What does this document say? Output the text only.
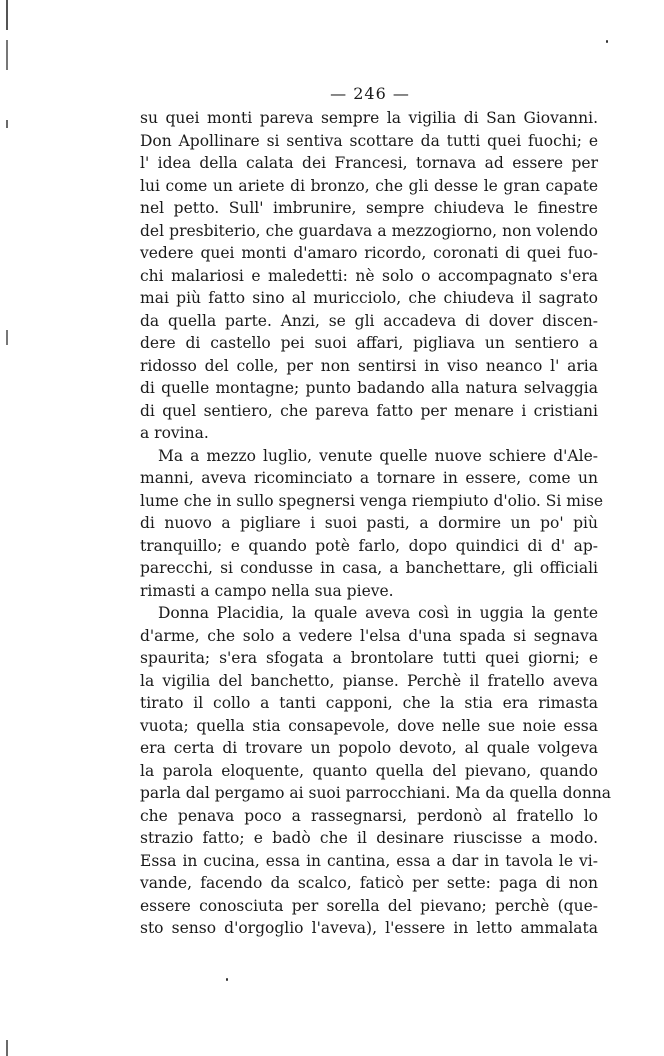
— 246 —
su quei monti pareva sempre la vigilia di San Giovanni.
Don Apollinare si sentiva scottare da tutti quei fuochi; e
l' idea della calata dei Francesi, tornava ad essere per
lui come un ariete di bronzo, che gli desse le gran capate
nel petto. Sull' imbrunire, sempre chiudeva le finestre
del presbiterio, che guardava a mezzogiorno, non volendo
vedere quei monti d'amaro ricordo, coronati di quei fuo-
chi malariosi e maledetti: nè solo o accompagnato s'era
mai più fatto sino al muricciolo, che chiudeva il sagrato
da quella parte. Anzi, se gli accadeva di dover discen-
dere di castello pei suoi affari, pigliava un sentiero a
ridosso del colle, per non sentirsi in viso neanco l' aria
di quelle montagne; punto badando alla natura selvaggia
di quel sentiero, che pareva fatto per menare i cristiani
a rovina.
Ma a mezzo luglio, venute quelle nuove schiere d'Ale-
manni, aveva ricominciato a tornare in essere, come un
lume che in sullo spegnersi venga riempiuto d'olio. Si mise
di nuovo a pigliare i suoi pasti, a dormire un po' più
tranquillo; e quando potè farlo, dopo quindici di d' ap-
parecchi, si condusse in casa, a banchettare, gli officiali
rimasti a campo nella sua pieve.
Donna Placidia, la quale aveva così in uggia la gente
d'arme, che solo a vedere l'elsa d'una spada si segnava
spaurita; s'era sfogata a brontolare tutti quei giorni; e
la vigilia del banchetto, pianse. Perchè il fratello aveva
tirato il collo a tanti capponi, che la stia era rimasta
vuota; quella stia consapevole, dove nelle sue noie essa
era certa di trovare un popolo devoto, al quale volgeva
la parola eloquente, quanto quella del pievano, quando
parla dal pergamo ai suoi parrocchiani. Ma da quella donna
che penava poco a rassegnarsi, perdonò al fratello lo
strazio fatto; e badò che il desinare riuscisse a modo.
Essa in cucina, essa in cantina, essa a dar in tavola le vi-
vande, facendo da scalco, faticò per sette: paga di non
essere conosciuta per sorella del pievano; perchè (que-
sto senso d'orgoglio l'aveva), l'essere in letto ammalata
